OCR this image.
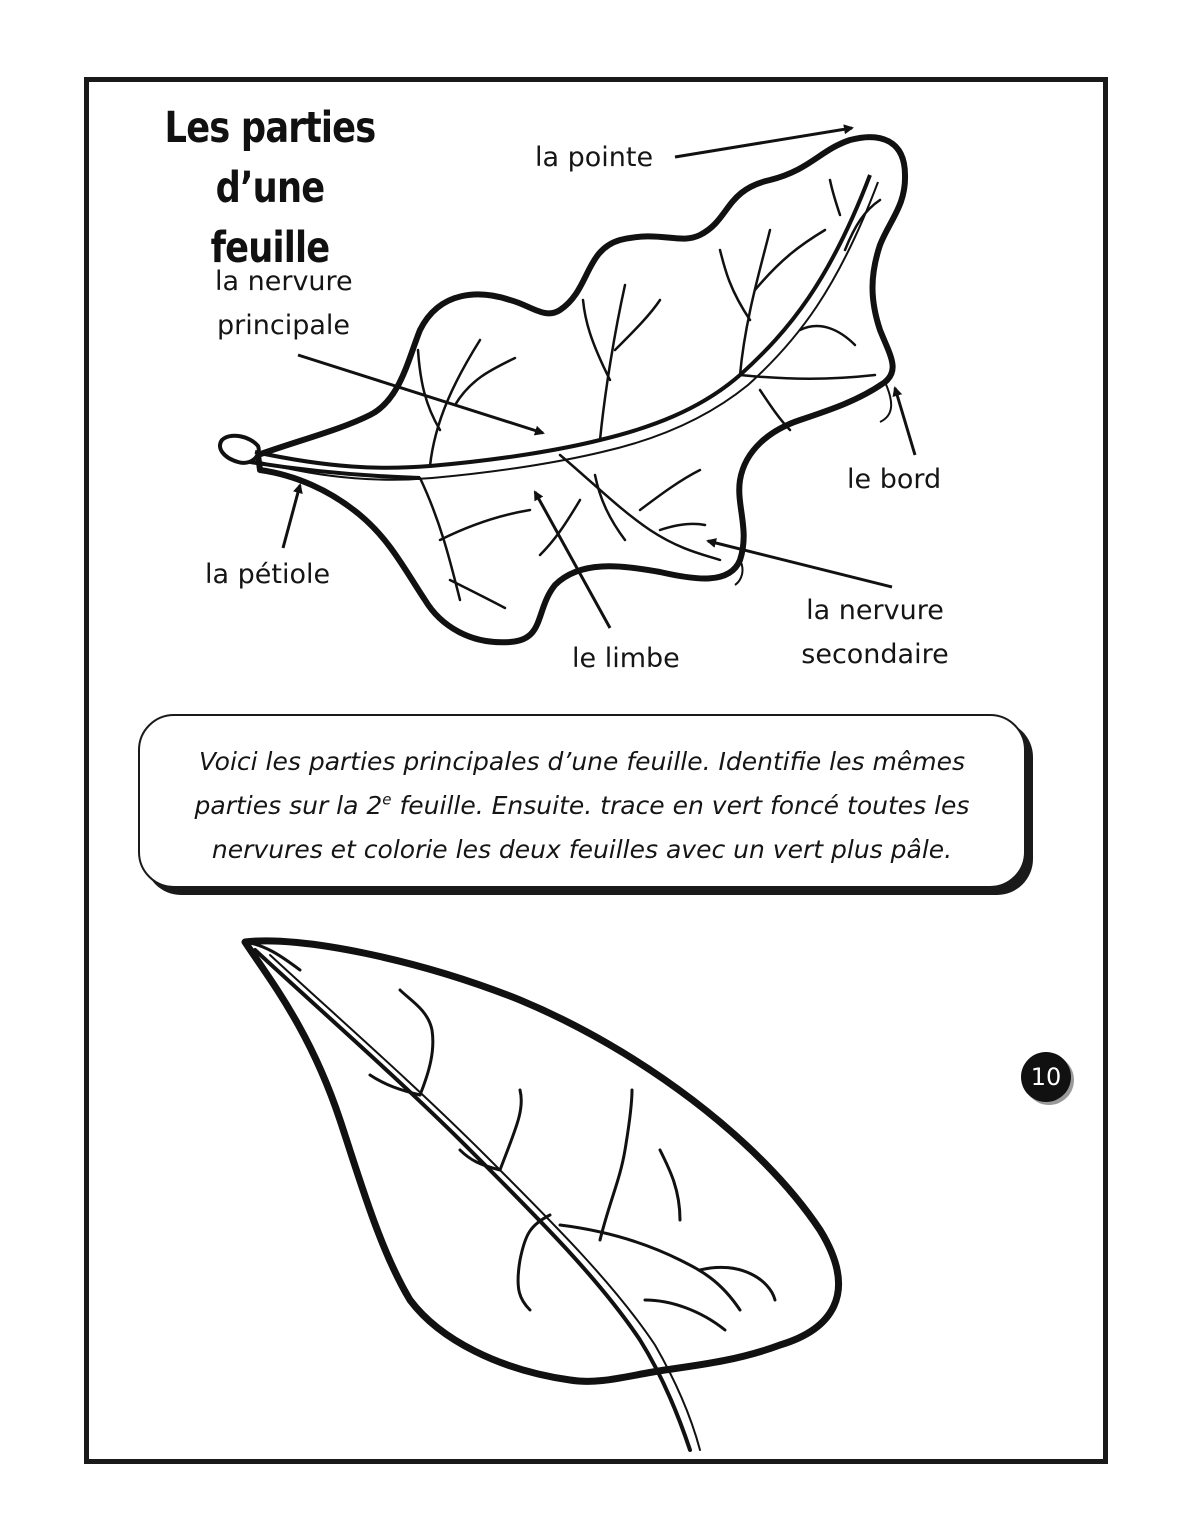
Les parties
d’une feuille
la pointe
la nervure
principale
le bord
la pétiole
le limbe
la nervure
secondaire
Voici les parties principales d’une feuille. Identifie les mêmes
parties sur la 2e feuille. Ensuite. trace en vert foncé toutes les
nervures et colorie les deux feuilles avec un vert plus pâle.
10
